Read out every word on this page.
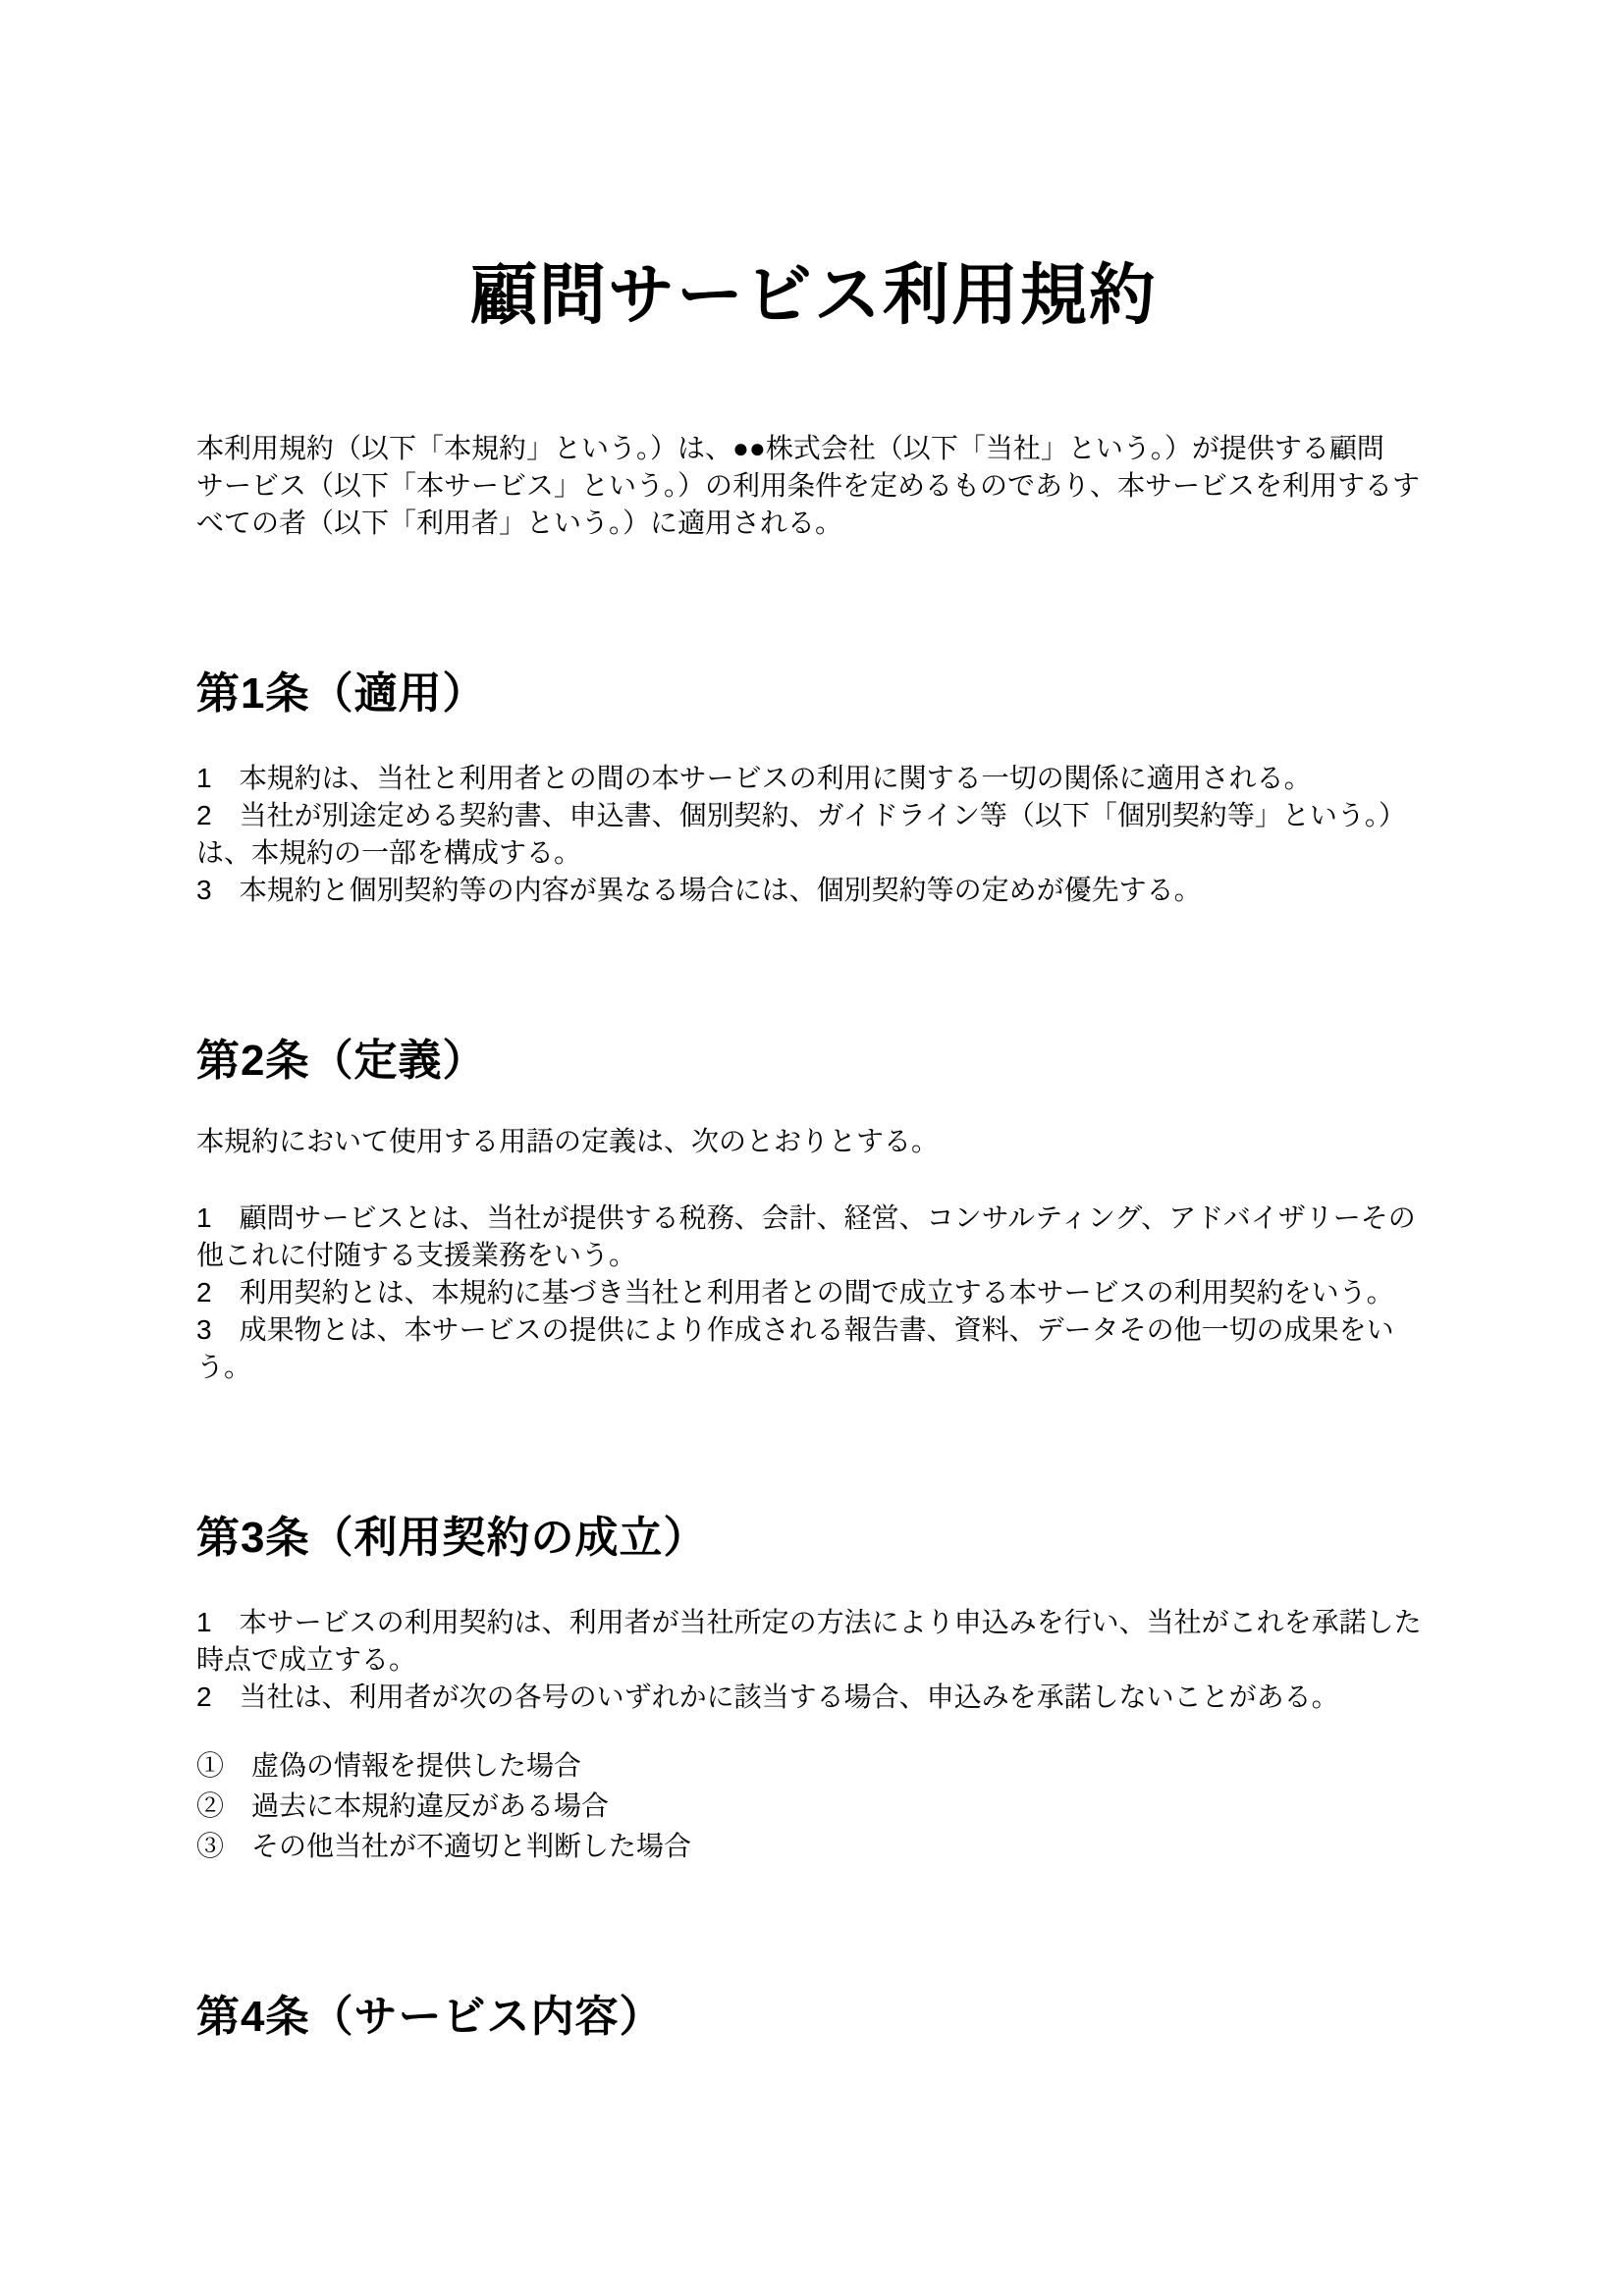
顧問サービス利用規約

本利用規約（以下「本規約」という。）は、●●株式会社（以下「当社」という。）が提供する顧問サービス（以下「本サービス」という。）の利用条件を定めるものであり、本サービスを利用するすべての者（以下「利用者」という。）に適用される。

第1条（適用）

1　本規約は、当社と利用者との間の本サービスの利用に関する一切の関係に適用される。

2　当社が別途定める契約書、申込書、個別契約、ガイドライン等（以下「個別契約等」という。）は、本規約の一部を構成する。

3　本規約と個別契約等の内容が異なる場合には、個別契約等の定めが優先する。

第2条（定義）

本規約において使用する用語の定義は、次のとおりとする。

1　顧問サービスとは、当社が提供する税務、会計、経営、コンサルティング、アドバイザリーその他これに付随する支援業務をいう。

2　利用契約とは、本規約に基づき当社と利用者との間で成立する本サービスの利用契約をいう。

3　成果物とは、本サービスの提供により作成される報告書、資料、データその他一切の成果をいう。

第3条（利用契約の成立）

1　本サービスの利用契約は、利用者が当社所定の方法により申込みを行い、当社がこれを承諾した時点で成立する。

2　当社は、利用者が次の各号のいずれかに該当する場合、申込みを承諾しないことがある。

①　虚偽の情報を提供した場合

②　過去に本規約違反がある場合

③　その他当社が不適切と判断した場合

第4条（サービス内容）
